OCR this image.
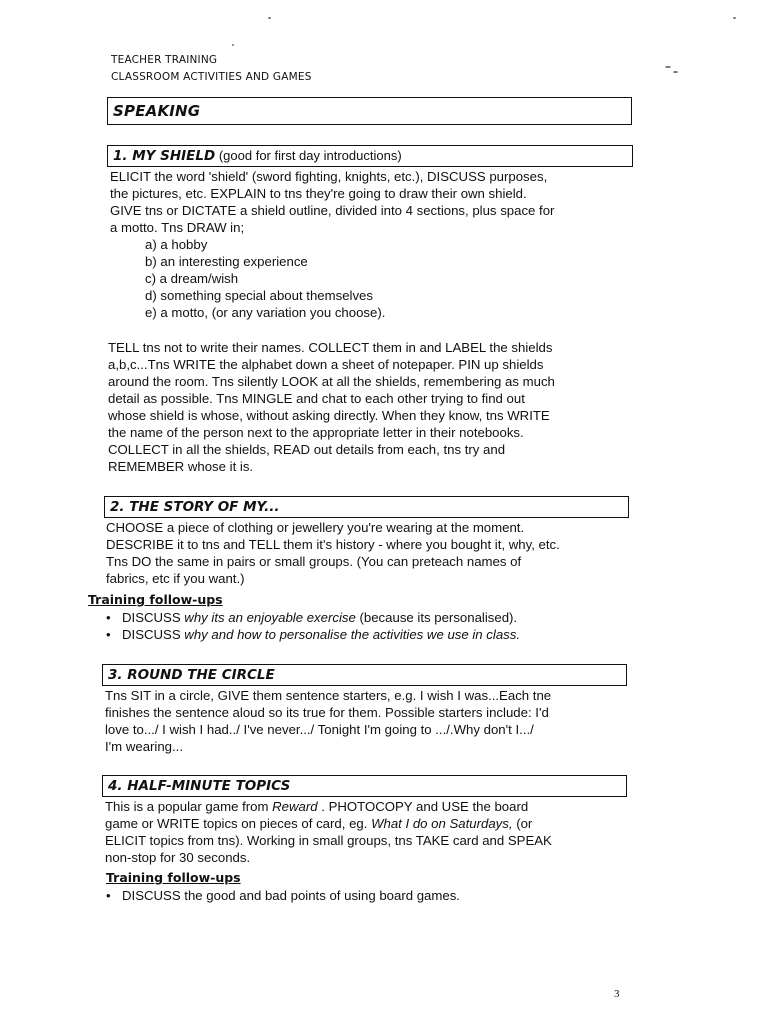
TEACHER TRAINING
CLASSROOM ACTIVITIES AND GAMES
SPEAKING
1. MY SHIELD (good for first day introductions)
ELICIT the word 'shield' (sword fighting, knights, etc.), DISCUSS purposes,
the pictures, etc. EXPLAIN to tns they're going to draw their own shield.
GIVE tns or DICTATE a shield outline, divided into 4 sections, plus space for
a motto. Tns DRAW in;
a) a hobby
b) an interesting experience
c) a dream/wish
d) something special about themselves
e) a motto, (or any variation you choose).
TELL tns not to write their names. COLLECT them in and LABEL the shields
a,b,c...Tns WRITE the alphabet down a sheet of notepaper. PIN up shields
around the room. Tns silently LOOK at all the shields, remembering as much
detail as possible. Tns MINGLE and chat to each other trying to find out
whose shield is whose, without asking directly. When they know, tns WRITE
the name of the person next to the appropriate letter in their notebooks.
COLLECT in all the shields, READ out details from each, tns try and
REMEMBER whose it is.
2. THE STORY OF MY...
CHOOSE a piece of clothing or jewellery you're wearing at the moment.
DESCRIBE it to tns and TELL them it's history - where you bought it, why, etc.
Tns DO the same in pairs or small groups. (You can preteach names of
fabrics, etc if you want.)
Training follow-ups
• DISCUSS why its an enjoyable exercise (because its personalised).
• DISCUSS why and how to personalise the activities we use in class.
3. ROUND THE CIRCLE
Tns SIT in a circle, GIVE them sentence starters, e.g. I wish I was...Each tne
finishes the sentence aloud so its true for them. Possible starters include: I'd
love to.../ I wish I had../ I've never.../ Tonight I'm going to .../.Why don't I.../
I'm wearing...
4. HALF-MINUTE TOPICS
This is a popular game from Reward . PHOTOCOPY and USE the board
game or WRITE topics on pieces of card, eg. What I do on Saturdays, (or
ELICIT topics from tns). Working in small groups, tns TAKE card and SPEAK
non-stop for 30 seconds.
Training follow-ups
• DISCUSS the good and bad points of using board games.
3
